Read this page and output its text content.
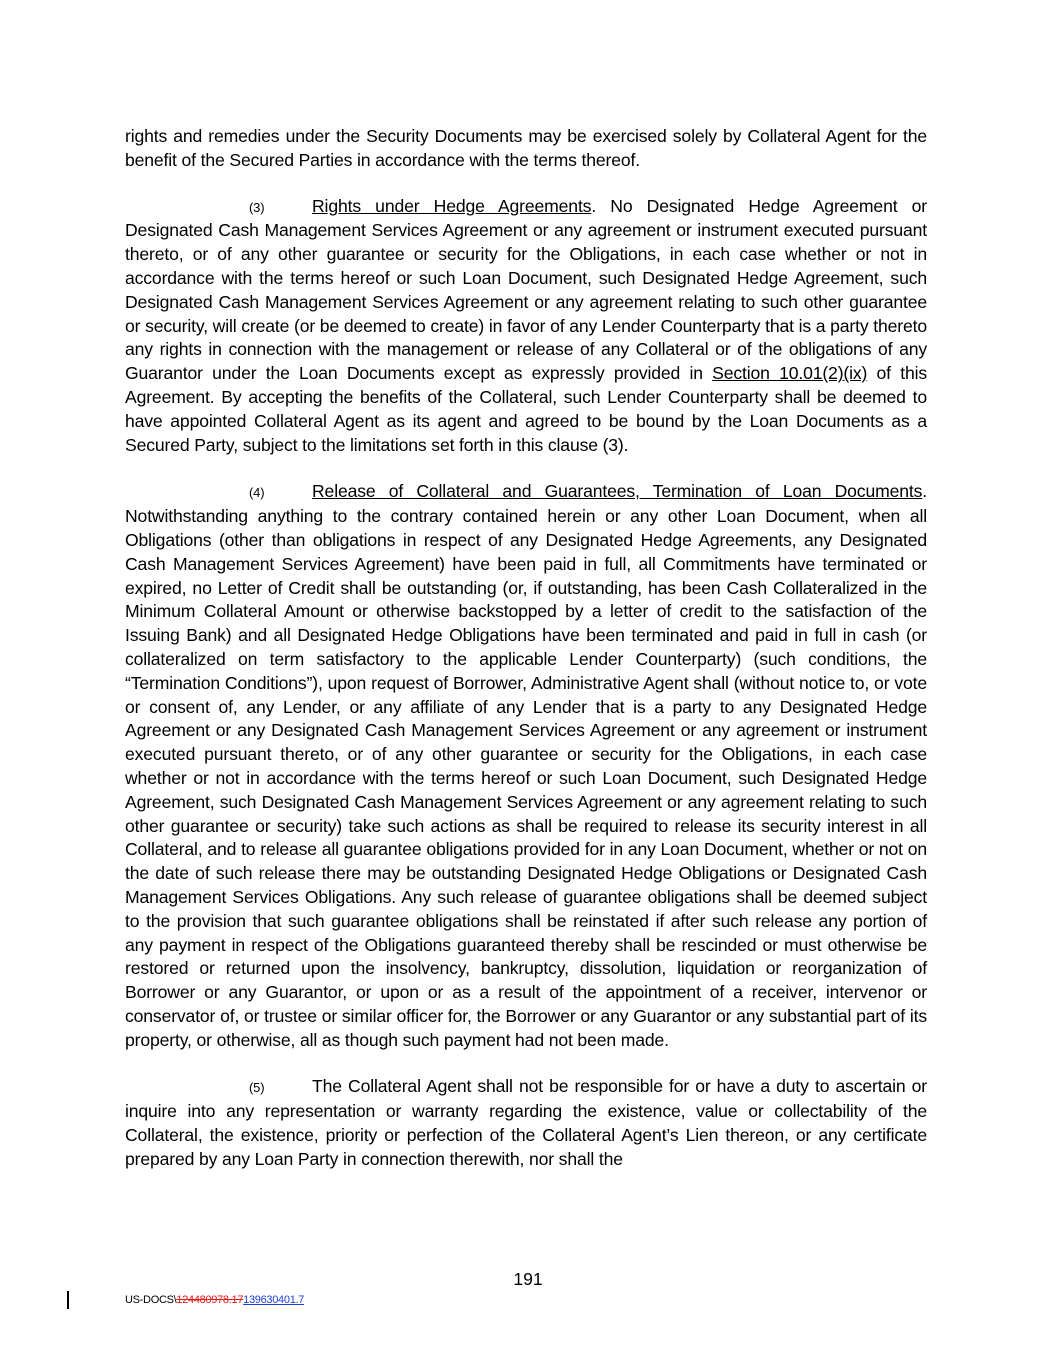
rights and remedies under the Security Documents may be exercised solely by Collateral Agent for the benefit of the Secured Parties in accordance with the terms thereof.

(3)	Rights under Hedge Agreements. No Designated Hedge Agreement or Designated Cash Management Services Agreement or any agreement or instrument executed pursuant thereto, or of any other guarantee or security for the Obligations, in each case whether or not in accordance with the terms hereof or such Loan Document, such Designated Hedge Agreement, such Designated Cash Management Services Agreement or any agreement relating to such other guarantee or security, will create (or be deemed to create) in favor of any Lender Counterparty that is a party thereto any rights in connection with the management or release of any Collateral or of the obligations of any Guarantor under the Loan Documents except as expressly provided in Section 10.01(2)(ix) of this Agreement. By accepting the benefits of the Collateral, such Lender Counterparty shall be deemed to have appointed Collateral Agent as its agent and agreed to be bound by the Loan Documents as a Secured Party, subject to the limitations set forth in this clause (3).

(4)	Release of Collateral and Guarantees, Termination of Loan Documents. Notwithstanding anything to the contrary contained herein or any other Loan Document, when all Obligations (other than obligations in respect of any Designated Hedge Agreements, any Designated Cash Management Services Agreement) have been paid in full, all Commitments have terminated or expired, no Letter of Credit shall be outstanding (or, if outstanding, has been Cash Collateralized in the Minimum Collateral Amount or otherwise backstopped by a letter of credit to the satisfaction of the Issuing Bank) and all Designated Hedge Obligations have been terminated and paid in full in cash (or collateralized on term satisfactory to the applicable Lender Counterparty) (such conditions, the “Termination Conditions”), upon request of Borrower, Administrative Agent shall (without notice to, or vote or consent of, any Lender, or any affiliate of any Lender that is a party to any Designated Hedge Agreement or any Designated Cash Management Services Agreement or any agreement or instrument executed pursuant thereto, or of any other guarantee or security for the Obligations, in each case whether or not in accordance with the terms hereof or such Loan Document, such Designated Hedge Agreement, such Designated Cash Management Services Agreement or any agreement relating to such other guarantee or security) take such actions as shall be required to release its security interest in all Collateral, and to release all guarantee obligations provided for in any Loan Document, whether or not on the date of such release there may be outstanding Designated Hedge Obligations or Designated Cash Management Services Obligations. Any such release of guarantee obligations shall be deemed subject to the provision that such guarantee obligations shall be reinstated if after such release any portion of any payment in respect of the Obligations guaranteed thereby shall be rescinded or must otherwise be restored or returned upon the insolvency, bankruptcy, dissolution, liquidation or reorganization of Borrower or any Guarantor, or upon or as a result of the appointment of a receiver, intervenor or conservator of, or trustee or similar officer for, the Borrower or any Guarantor or any substantial part of its property, or otherwise, all as though such payment had not been made.

(5)	The Collateral Agent shall not be responsible for or have a duty to ascertain or inquire into any representation or warranty regarding the existence, value or collectability of the Collateral, the existence, priority or perfection of the Collateral Agent’s Lien thereon, or any certificate prepared by any Loan Party in connection therewith, nor shall the

191
US-DOCS\124480978.17139630401.7
